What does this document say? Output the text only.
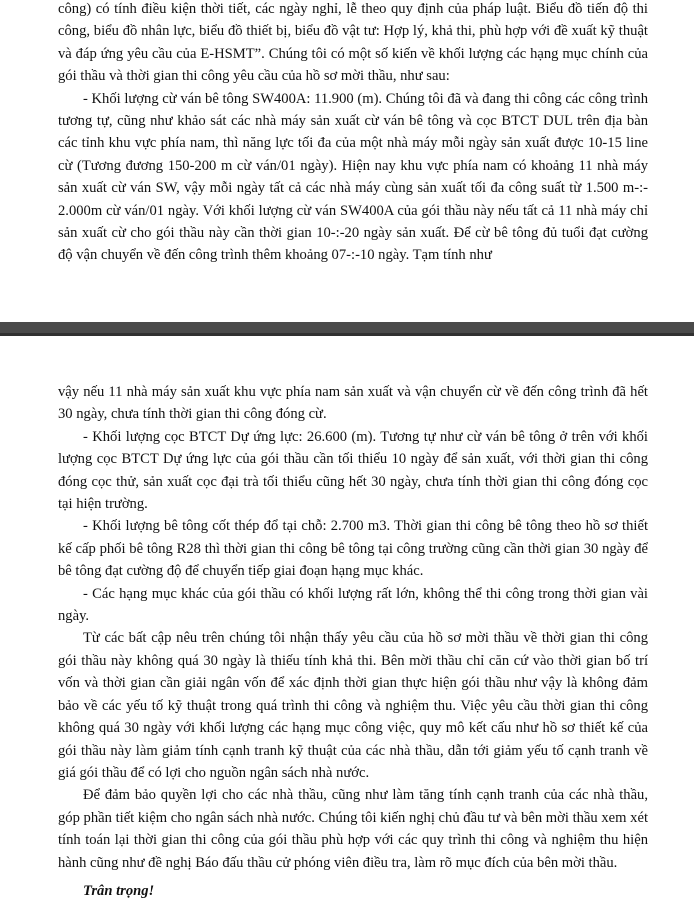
công) có tính điều kiện thời tiết, các ngày nghỉ, lễ theo quy định của pháp luật. Biểu đồ tiến độ thi công, biểu đồ nhân lực, biểu đồ thiết bị, biểu đồ vật tư: Hợp lý, khả thi, phù hợp với đề xuất kỹ thuật và đáp ứng yêu cầu của E-HSMT”. Chúng tôi có một số kiến về khối lượng các hạng mục chính của gói thầu và thời gian thi công yêu cầu của hồ sơ mời thầu, như sau:

- Khối lượng cừ ván bê tông SW400A: 11.900 (m). Chúng tôi đã và đang thi công các công trình tương tự, cũng như khảo sát các nhà máy sản xuất cừ ván bê tông và cọc BTCT DUL trên địa bàn các tỉnh khu vực phía nam, thì năng lực tối đa của một nhà máy mỗi ngày sản xuất được 10-15 line cừ (Tương đương 150-200 m cừ ván/01 ngày). Hiện nay khu vực phía nam có khoảng 11 nhà máy sản xuất cừ ván SW, vậy mỗi ngày tất cả các nhà máy cùng sản xuất tối đa công suất từ 1.500 m-:- 2.000m cừ ván/01 ngày. Với khối lượng cừ ván SW400A của gói thầu này nếu tất cả 11 nhà máy chỉ sản xuất cừ cho gói thầu này cần thời gian 10-:-20 ngày sản xuất. Để cừ bê tông đủ tuổi đạt cường độ vận chuyển về đến công trình thêm khoảng 07-:-10 ngày. Tạm tính như

vậy nếu 11 nhà máy sản xuất khu vực phía nam sản xuất và vận chuyển cừ về đến công trình đã hết 30 ngày, chưa tính thời gian thi công đóng cừ.

- Khối lượng cọc BTCT Dự ứng lực: 26.600 (m). Tương tự như cừ ván bê tông ở trên với khối lượng cọc BTCT Dự ứng lực của gói thầu cần tối thiểu 10 ngày để sản xuất, với thời gian thi công đóng cọc thử, sản xuất cọc đại trà tối thiểu cũng hết 30 ngày, chưa tính thời gian thi công đóng cọc tại hiện trường.

- Khối lượng bê tông cốt thép đổ tại chỗ: 2.700 m3. Thời gian thi công bê tông theo hồ sơ thiết kế cấp phối bê tông R28 thì thời gian thi công bê tông tại công trường cũng cần thời gian 30 ngày để bê tông đạt cường độ để chuyển tiếp giai đoạn hạng mục khác.

- Các hạng mục khác của gói thầu có khối lượng rất lớn, không thể thi công trong thời gian vài ngày.

Từ các bất cập nêu trên chúng tôi nhận thấy yêu cầu của hồ sơ mời thầu về thời gian thi công gói thầu này không quá 30 ngày là thiếu tính khả thi. Bên mời thầu chỉ căn cứ vào thời gian bố trí vốn và thời gian cần giải ngân vốn để xác định thời gian thực hiện gói thầu như vậy là không đảm bảo về các yếu tố kỹ thuật trong quá trình thi công và nghiệm thu. Việc yêu cầu thời gian thi công không quá 30 ngày với khối lượng các hạng mục công việc, quy mô kết cấu như hồ sơ thiết kế của gói thầu này làm giảm tính cạnh tranh kỹ thuật của các nhà thầu, dẫn tới giảm yếu tố cạnh tranh về giá gói thầu để có lợi cho nguồn ngân sách nhà nước.

Để đảm bảo quyền lợi cho các nhà thầu, cũng như làm tăng tính cạnh tranh của các nhà thầu, góp phần tiết kiệm cho ngân sách nhà nước. Chúng tôi kiến nghị chủ đầu tư và bên mời thầu xem xét tính toán lại thời gian thi công của gói thầu phù hợp với các quy trình thi công và nghiệm thu hiện hành cũng như đề nghị Báo đấu thầu cử phóng viên điều tra, làm rõ mục đích của bên mời thầu.

Trân trọng!
